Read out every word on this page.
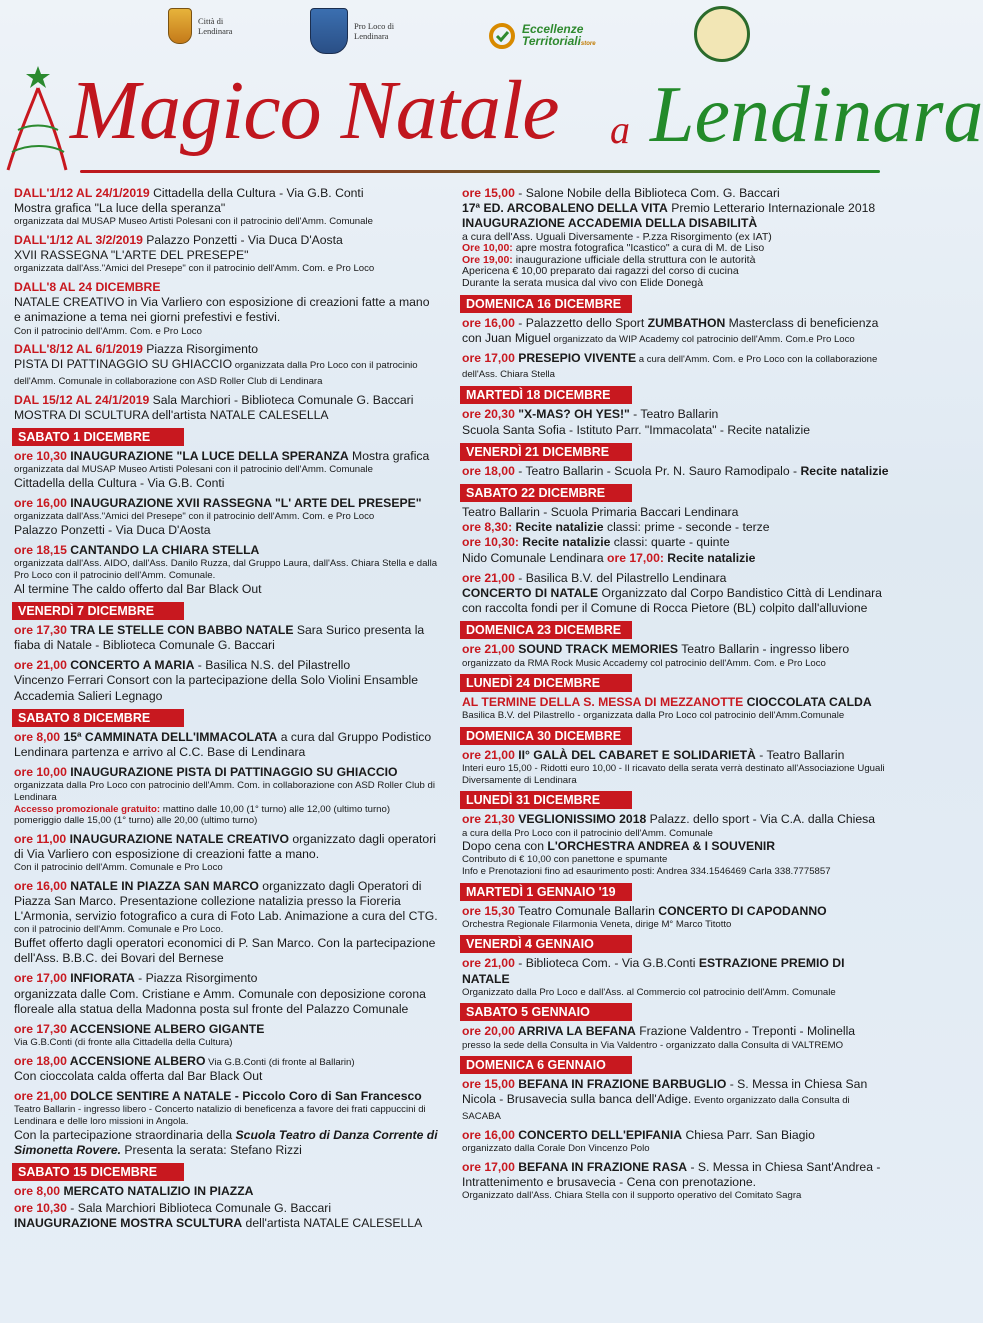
Città di Lendinara	Pro Loco di Lendinara
Eccellenze
Territorialistore
Magico Natale a Lendinara
DALL'1/12 AL 24/1/2019 Cittadella della Cultura - Via G.B. Conti
Mostra grafica "La luce della speranza"
organizzata dal MUSAP Museo Artisti Polesani con il patrocinio dell'Amm. Comunale
DALL'1/12 AL 3/2/2019 Palazzo Ponzetti - Via Duca D'Aosta
XVII RASSEGNA "L'ARTE DEL PRESEPE"
organizzata dall'Ass."Amici del Presepe" con il patrocinio dell'Amm. Com. e Pro Loco
DALL'8 AL 24 DICEMBRE
NATALE CREATIVO in Via Varliero con esposizione di creazioni fatte a mano e animazione a tema nei giorni prefestivi e festivi.
Con il patrocinio dell'Amm. Com. e Pro Loco
DALL'8/12 AL 6/1/2019 Piazza Risorgimento
PISTA DI PATTINAGGIO SU GHIACCIO organizzata dalla Pro Loco con il patrocinio dell'Amm. Comunale in collaborazione con ASD Roller Club di Lendinara
DAL 15/12 AL 24/1/2019 Sala Marchiori - Biblioteca Comunale G. Baccari
MOSTRA DI SCULTURA dell'artista NATALE CALESELLA
SABATO 1 DICEMBRE
ore 10,30 INAUGURAZIONE "LA LUCE DELLA SPERANZA Mostra grafica
organizzata dal MUSAP Museo Artisti Polesani con il patrocinio dell'Amm. Comunale
Cittadella della Cultura - Via G.B. Conti
ore 16,00 INAUGURAZIONE XVII RASSEGNA "L' ARTE DEL PRESEPE"
organizzata dall'Ass."Amici del Presepe" con il patrocinio dell'Amm. Com. e Pro Loco
Palazzo Ponzetti - Via Duca D'Aosta
ore 18,15 CANTANDO LA CHIARA STELLA
organizzata dall'Ass. AIDO, dall'Ass. Danilo Ruzza, dal Gruppo Laura, dall'Ass. Chiara Stella e dalla Pro Loco con il patrocinio dell'Amm. Comunale.
Al termine The caldo offerto dal Bar Black Out
VENERDÌ 7 DICEMBRE
ore 17,30 TRA LE STELLE CON BABBO NATALE Sara Surico presenta la fiaba di Natale - Biblioteca Comunale G. Baccari
ore 21,00 CONCERTO A MARIA - Basilica N.S. del Pilastrello
Vincenzo Ferrari Consort con la partecipazione della Solo Violini Ensamble Accademia Salieri Legnago
SABATO 8 DICEMBRE
ore 8,00 15ª CAMMINATA DELL'IMMACOLATA a cura dal Gruppo Podistico Lendinara partenza e arrivo al C.C. Base di Lendinara
ore 10,00 INAUGURAZIONE PISTA DI PATTINAGGIO SU GHIACCIO
organizzata dalla Pro Loco con patrocinio dell'Amm. Com. in collaborazione con ASD Roller Club di Lendinara
Accesso promozionale gratuito: mattino dalle 10,00 (1° turno) alle 12,00 (ultimo turno) pomeriggio dalle 15,00 (1° turno) alle 20,00 (ultimo turno)
ore 11,00 INAUGURAZIONE NATALE CREATIVO organizzato dagli operatori di Via Varliero con esposizione di creazioni fatte a mano.
Con il patrocinio dell'Amm. Comunale e Pro Loco
ore 16,00 NATALE IN PIAZZA SAN MARCO organizzato dagli Operatori di Piazza San Marco. Presentazione collezione natalizia presso la Fioreria L'Armonia, servizio fotografico a cura di Foto Lab. Animazione a cura del CTG.
con il patrocinio dell'Amm. Comunale e Pro Loco.
Buffet offerto dagli operatori economici di P. San Marco. Con la partecipazione dell'Ass. B.B.C. dei Bovari del Bernese
ore 17,00 INFIORATA - Piazza Risorgimento
organizzata dalle Com. Cristiane e Amm. Comunale con deposizione corona floreale alla statua della Madonna posta sul fronte del Palazzo Comunale
ore 17,30 ACCENSIONE ALBERO GIGANTE
Via G.B.Conti (di fronte alla Cittadella della Cultura)
ore 18,00 ACCENSIONE ALBERO Via G.B.Conti (di fronte al Ballarin)
Con cioccolata calda offerta dal Bar Black Out
ore 21,00 DOLCE SENTIRE A NATALE - Piccolo Coro di San Francesco
Teatro Ballarin - ingresso libero - Concerto natalizio di beneficenza a favore dei frati cappuccini di Lendinara e delle loro missioni in Angola.
Con la partecipazione straordinaria della Scuola Teatro di Danza Corrente di Simonetta Rovere. Presenta la serata: Stefano Rizzi
SABATO 15 DICEMBRE
ore 8,00 MERCATO NATALIZIO IN PIAZZA
ore 10,30 - Sala Marchiori Biblioteca Comunale G. Baccari
INAUGURAZIONE MOSTRA SCULTURA dell'artista NATALE CALESELLA
ore 15,00 - Salone Nobile della Biblioteca Com. G. Baccari
17ª ED. ARCOBALENO DELLA VITA Premio Letterario Internazionale 2018
INAUGURAZIONE ACCADEMIA DELLA DISABILITÀ
a cura dell'Ass. Uguali Diversamente - P.zza Risorgimento (ex IAT)
Ore 10,00: apre mostra fotografica "Icastico" a cura di M. de Liso
Ore 19,00: inaugurazione ufficiale della struttura con le autorità
Apericena € 10,00 preparato dai ragazzi del corso di cucina
Durante la serata musica dal vivo con Elide Donegà
DOMENICA 16 DICEMBRE
ore 16,00 - Palazzetto dello Sport ZUMBATHON Masterclass di beneficienza con Juan Miguel organizzato da WIP Academy col patrocinio dell'Amm. Com.e Pro Loco
ore 17,00 PRESEPIO VIVENTE a cura dell'Amm. Com. e Pro Loco con la collaborazione dell'Ass. Chiara Stella
MARTEDÌ 18 DICEMBRE
ore 20,30 "X-MAS? OH YES!" - Teatro Ballarin
Scuola Santa Sofia - Istituto Parr. "Immacolata" - Recite natalizie
VENERDÌ 21 DICEMBRE
ore 18,00 - Teatro Ballarin - Scuola Pr. N. Sauro Ramodipalo - Recite natalizie
SABATO 22 DICEMBRE
Teatro Ballarin - Scuola Primaria Baccari Lendinara
ore 8,30: Recite natalizie classi: prime - seconde - terze
ore 10,30: Recite natalizie classi: quarte - quinte
Nido Comunale Lendinara ore 17,00: Recite natalizie
ore 21,00 - Basilica B.V. del Pilastrello Lendinara
CONCERTO DI NATALE Organizzato dal Corpo Bandistico Città di Lendinara con raccolta fondi per il Comune di Rocca Pietore (BL) colpito dall'alluvione
DOMENICA 23 DICEMBRE
ore 21,00 SOUND TRACK MEMORIES Teatro Ballarin - ingresso libero
organizzato da RMA Rock Music Accademy col patrocinio dell'Amm. Com. e Pro Loco
LUNEDÌ 24 DICEMBRE
AL TERMINE DELLA S. MESSA DI MEZZANOTTE CIOCCOLATA CALDA
Basilica B.V. del Pilastrello - organizzata dalla Pro Loco col patrocinio dell'Amm.Comunale
DOMENICA 30 DICEMBRE
ore 21,00 II° GALÀ DEL CABARET E SOLIDARIETÀ - Teatro Ballarin
Interi euro 15,00 - Ridotti euro 10,00 - Il ricavato della serata verrà destinato all'Associazione Uguali Diversamente di Lendinara
LUNEDÌ 31 DICEMBRE
ore 21,30 VEGLIONISSIMO 2018 Palazz. dello sport - Via C.A. dalla Chiesa
a cura della Pro Loco con il patrocinio dell'Amm. Comunale
Dopo cena con L'ORCHESTRA ANDREA & I SOUVENIR
Contributo di € 10,00 con panettone e spumante
Info e Prenotazioni fino ad esaurimento posti: Andrea 334.1546469 Carla 338.7775857
MARTEDÌ 1 GENNAIO '19
ore 15,30 Teatro Comunale Ballarin CONCERTO DI CAPODANNO
Orchestra Regionale Filarmonia Veneta, dirige M° Marco Titotto
VENERDÌ 4 GENNAIO
ore 21,00 - Biblioteca Com. - Via G.B.Conti ESTRAZIONE PREMIO DI NATALE
Organizzato dalla Pro Loco e dall'Ass. al Commercio col patrocinio dell'Amm. Comunale
SABATO 5 GENNAIO
ore 20,00 ARRIVA LA BEFANA Frazione Valdentro - Treponti - Molinella
presso la sede della Consulta in Via Valdentro - organizzato dalla Consulta di VALTREMO
DOMENICA 6 GENNAIO
ore 15,00 BEFANA IN FRAZIONE BARBUGLIO - S. Messa in Chiesa San Nicola - Brusavecia sulla banca dell'Adige. Evento organizzato dalla Consulta di SACABA
ore 16,00 CONCERTO DELL'EPIFANIA Chiesa Parr. San Biagio
organizzato dalla Corale Don Vincenzo Polo
ore 17,00 BEFANA IN FRAZIONE RASA - S. Messa in Chiesa Sant'Andrea - Intrattenimento e brusavecia - Cena con prenotazione.
Organizzato dall'Ass. Chiara Stella con il supporto operativo del Comitato Sagra
